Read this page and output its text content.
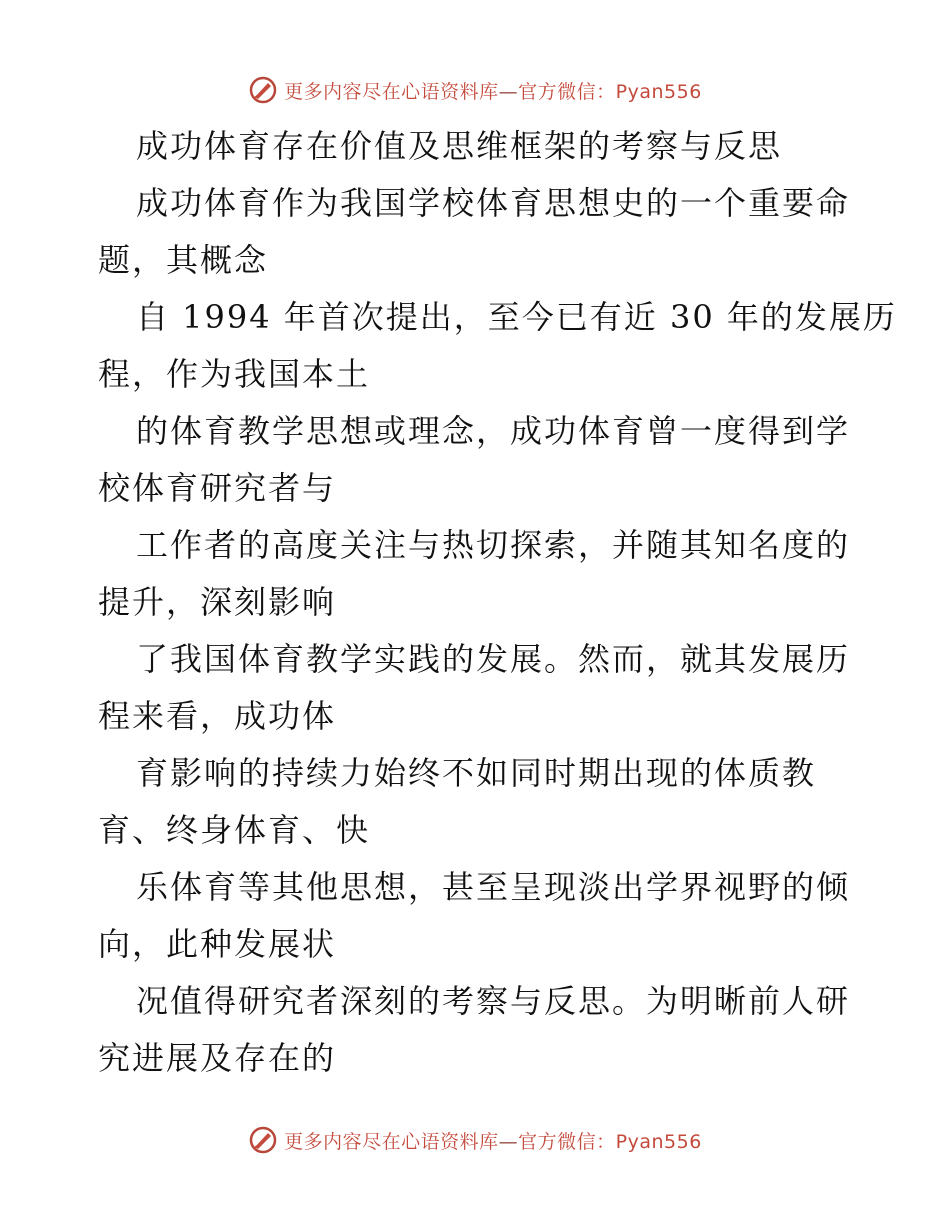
更多内容尽在心语资料库—官方微信：Pyan556

成功体育存在价值及思维框架的考察与反思

成功体育作为我国学校体育思想史的一个重要命

题，其概念

自 1994 年首次提出，至今已有近 30 年的发展历

程，作为我国本土

的体育教学思想或理念，成功体育曾一度得到学

校体育研究者与

工作者的高度关注与热切探索，并随其知名度的

提升，深刻影响

了我国体育教学实践的发展。然而，就其发展历

程来看，成功体

育影响的持续力始终不如同时期出现的体质教

育、终身体育、快

乐体育等其他思想，甚至呈现淡出学界视野的倾

向，此种发展状

况值得研究者深刻的考察与反思。为明晰前人研

究进展及存在的

更多内容尽在心语资料库—官方微信：Pyan556
